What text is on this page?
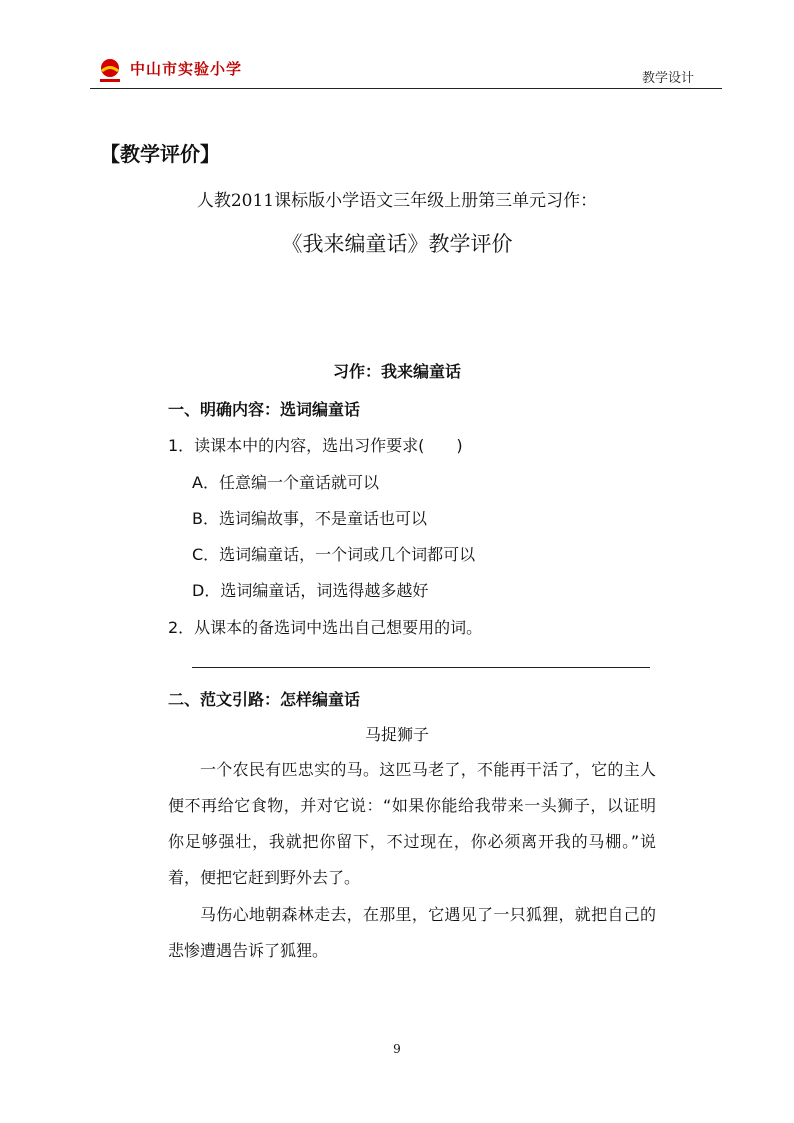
中山市实验小学
教学设计
【教学评价】
人教2011课标版小学语文三年级上册第三单元习作：
《我来编童话》教学评价
习作：我来编童话
一、明确内容：选词编童话
1．读课本中的内容，选出习作要求(　　)
A．任意编一个童话就可以
B．选词编故事，不是童话也可以
C．选词编童话，一个词或几个词都可以
D．选词编童话，词选得越多越好
2．从课本的备选词中选出自己想要用的词。
二、范文引路：怎样编童话
马捉狮子

一个农民有匹忠实的马。这匹马老了，不能再干活了，它的主人便不再给它食物，并对它说：“如果你能给我带来一头狮子，以证明你足够强壮，我就把你留下，不过现在，你必须离开我的马棚。”说着，便把它赶到野外去了。

马伤心地朝森林走去，在那里，它遇见了一只狐狸，就把自己的悲惨遭遇告诉了狐狸。

9
